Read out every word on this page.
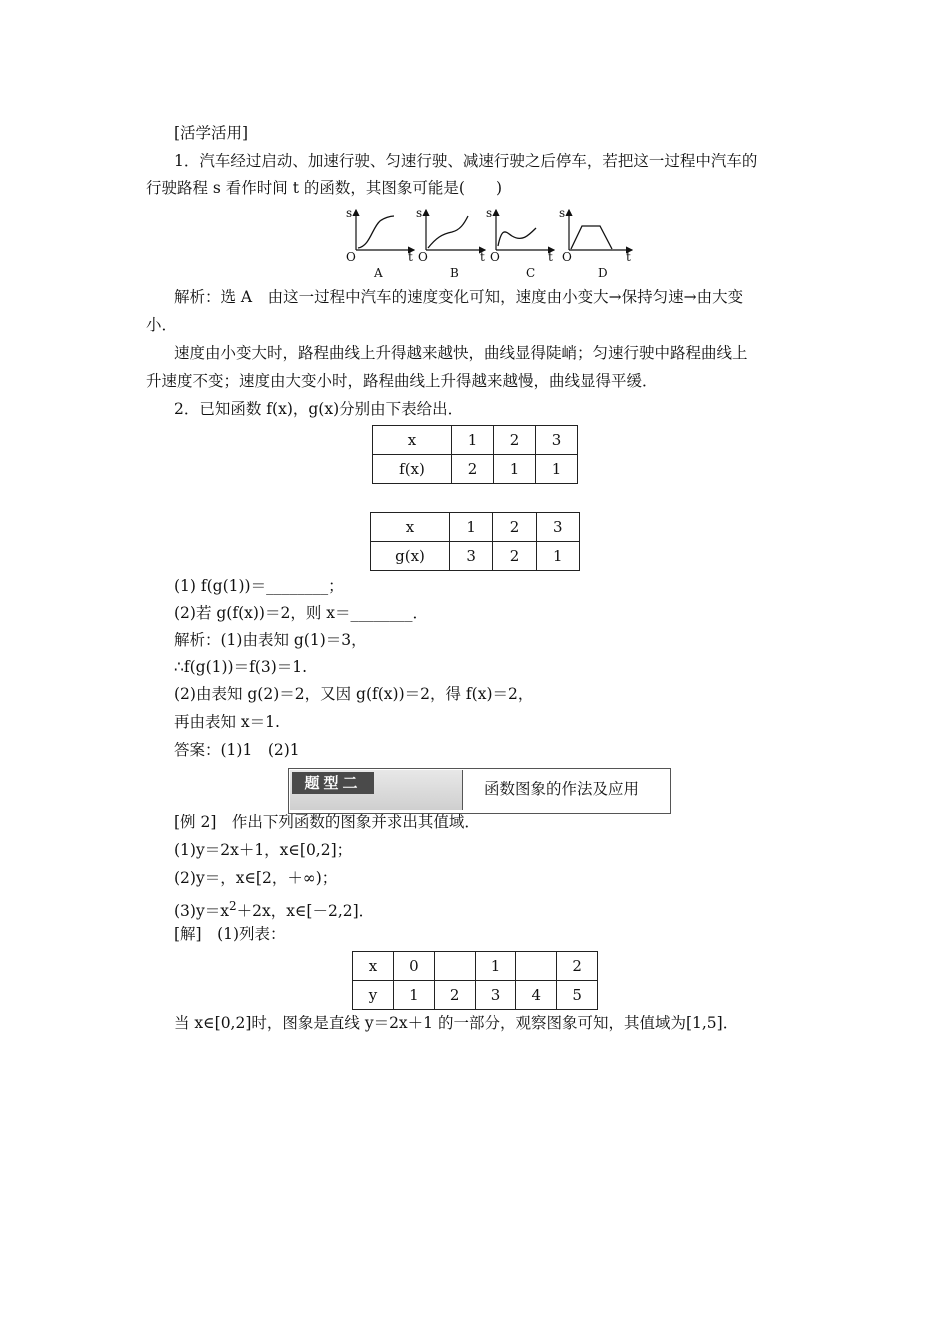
[活学活用]
1．汽车经过启动、加速行驶、匀速行驶、减速行驶之后停车，若把这一过程中汽车的
行驶路程 s 看作时间 t 的函数，其图象可能是(　　)
s	s	s	s
O	O	O	O
t	t	t	t
A	B	C	D
解析：选 A　由这一过程中汽车的速度变化可知，速度由小变大→保持匀速→由大变
小．
速度由小变大时，路程曲线上升得越来越快，曲线显得陡峭；匀速行驶中路程曲线上
升速度不变；速度由大变小时，路程曲线上升得越来越慢，曲线显得平缓．
2．已知函数 f(x)，g(x)分别由下表给出．
x	1	2	3
f(x)	2	1	1
x	1	2	3
g(x)	3	2	1
(1) f(g(1))＝________；
(2)若 g(f(x))＝2，则 x＝________．
解析：(1)由表知 g(1)＝3，
∴f(g(1))＝f(3)＝1.
(2)由表知 g(2)＝2，又因 g(f(x))＝2，得 f(x)＝2，
再由表知 x＝1.
答案：(1)1　(2)1
题型二	函数图象的作法及应用
[例 2]　作出下列函数的图象并求出其值域．
(1)y＝2x＋1，x∈[0,2]；
(2)y＝，x∈[2，＋∞)；
$(3)y=x^2+2x$，x∈[－2,2]．
[解]　(1)列表：
x	0		1		2
y	1	2	3	4	5
当 x∈[0,2]时，图象是直线 y＝2x＋1 的一部分，观察图象可知，其值域为[1,5]．
